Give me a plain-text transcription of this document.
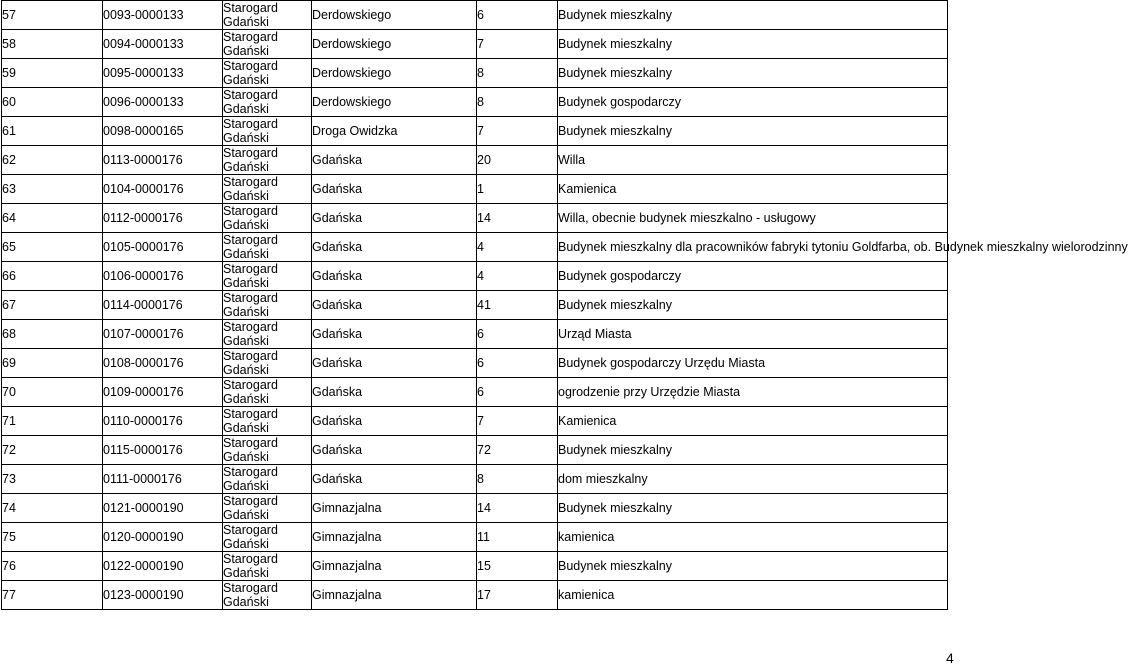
57	0093-0000133	Starogard
Gdański	Derdowskiego	6	Budynek mieszkalny
58	0094-0000133	Starogard
Gdański	Derdowskiego	7	Budynek mieszkalny
59	0095-0000133	Starogard
Gdański	Derdowskiego	8	Budynek mieszkalny
60	0096-0000133	Starogard
Gdański	Derdowskiego	8	Budynek gospodarczy
61	0098-0000165	Starogard
Gdański	Droga Owidzka	7	Budynek mieszkalny
62	0113-0000176	Starogard
Gdański	Gdańska	20	Willa
63	0104-0000176	Starogard
Gdański	Gdańska	1	Kamienica
64	0112-0000176	Starogard
Gdański	Gdańska	14	Willa, obecnie budynek mieszkalno - usługowy
65	0105-0000176	Starogard
Gdański	Gdańska	4	Budynek mieszkalny dla pracowników fabryki tytoniu Goldfarba, ob. Budynek mieszkalny wielorodzinny
66	0106-0000176	Starogard
Gdański	Gdańska	4	Budynek gospodarczy
67	0114-0000176	Starogard
Gdański	Gdańska	41	Budynek mieszkalny
68	0107-0000176	Starogard
Gdański	Gdańska	6	Urząd Miasta
69	0108-0000176	Starogard
Gdański	Gdańska	6	Budynek gospodarczy Urzędu Miasta
70	0109-0000176	Starogard
Gdański	Gdańska	6	ogrodzenie przy Urzędzie Miasta
71	0110-0000176	Starogard
Gdański	Gdańska	7	Kamienica
72	0115-0000176	Starogard
Gdański	Gdańska	72	Budynek mieszkalny
73	0111-0000176	Starogard
Gdański	Gdańska	8	dom mieszkalny
74	0121-0000190	Starogard
Gdański	Gimnazjalna	14	Budynek mieszkalny
75	0120-0000190	Starogard
Gdański	Gimnazjalna	11	kamienica
76	0122-0000190	Starogard
Gdański	Gimnazjalna	15	Budynek mieszkalny
77	0123-0000190	Starogard
Gdański	Gimnazjalna	17	kamienica
4
